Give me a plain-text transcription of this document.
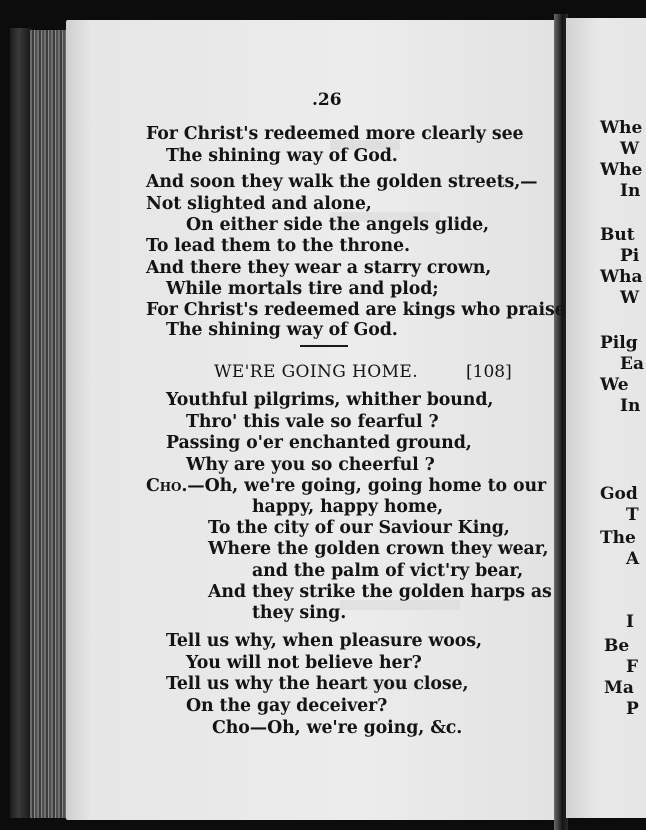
.26
For Christ's redeemed more clearly see
The shining way of God.
And soon they walk the golden streets,—
Not slighted and alone,
On either side the angels glide,
To lead them to the throne.
And there they wear a starry crown,
While mortals tire and plod;
For Christ's redeemed are kings who praise
The shining way of God.
WE'RE GOING HOME.	[108]
Youthful pilgrims, whither bound,
Thro' this vale so fearful ?
Passing o'er enchanted ground,
Why are you so cheerful ?
Cho.—Oh, we're going, going home to our
happy, happy home,
To the city of our Saviour King,
Where the golden crown they wear,
and the palm of vict'ry bear,
And they strike the golden harps as
they sing.
Tell us why, when pleasure woos,
You will not believe her?
Tell us why the heart you close,
On the gay deceiver?
Cho—Oh, we're going, &c.
Whe
W
Whe
In
But
Pi
Wha
W
Pilg
Ea
We
In
God
T
The
A
I
Be
F
Ma
P
